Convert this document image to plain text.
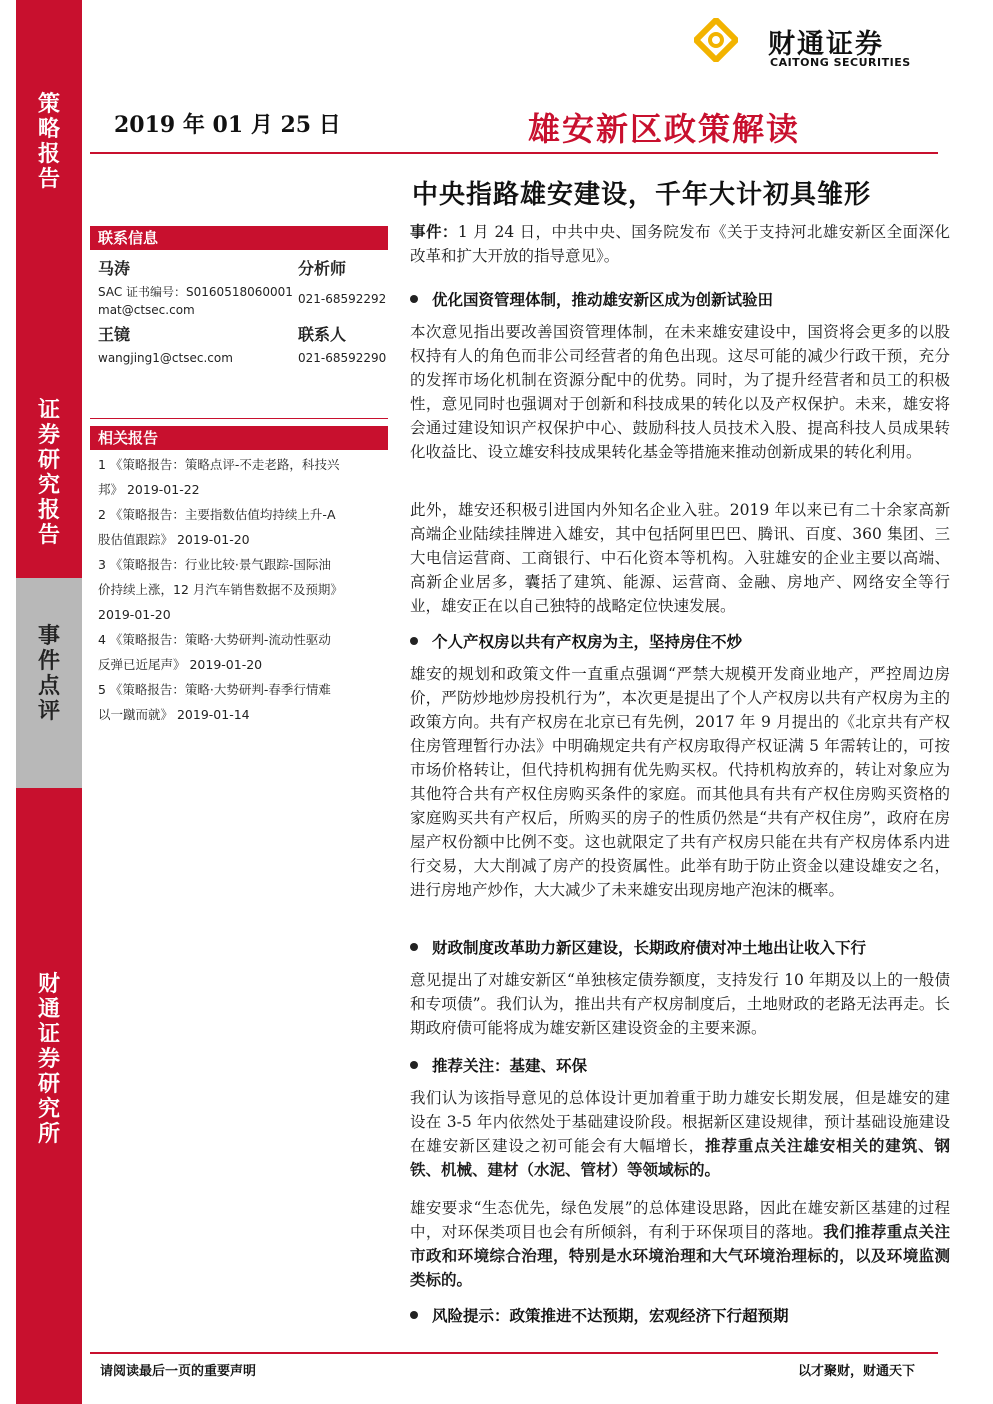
策略报告
证券研究报告
事件点评
财通证券研究所
财通证券
CAITONG SECURITIES
2019 年 01 月 25 日	雄安新区政策解读
中央指路雄安建设，千年大计初具雏形
联系信息
马涛	分析师
SAC 证书编号：S0160518060001 021-68592292
mat@ctsec.com
王镜	联系人
wangjing1@ctsec.com	021-68592290
相关报告
1 《策略报告：策略点评-不走老路，科技兴
邦》 2019-01-22
2 《策略报告：主要指数估值均持续上升-A
股估值跟踪》 2019-01-20
3 《策略报告：行业比较·景气跟踪-国际油
价持续上涨，12 月汽车销售数据不及预期》
2019-01-20
4 《策略报告：策略·大势研判-流动性驱动
反弹已近尾声》 2019-01-20
5 《策略报告：策略·大势研判-春季行情难
以一蹴而就》 2019-01-14
事件：1 月 24 日，中共中央、国务院发布《关于支持河北雄安新区全面深化改革和扩大开放的指导意见》。
优化国资管理体制，推动雄安新区成为创新试验田
本次意见指出要改善国资管理体制，在未来雄安建设中，国资将会更多的以股权持有人的角色而非公司经营者的角色出现。这尽可能的减少行政干预，充分的发挥市场化机制在资源分配中的优势。同时，为了提升经营者和员工的积极性，意见同时也强调对于创新和科技成果的转化以及产权保护。未来，雄安将会通过建设知识产权保护中心、鼓励科技人员技术入股、提高科技人员成果转化收益比、设立雄安科技成果转化基金等措施来推动创新成果的转化利用。
此外，雄安还积极引进国内外知名企业入驻。2019 年以来已有二十余家高新高端企业陆续挂牌进入雄安，其中包括阿里巴巴、腾讯、百度、360 集团、三大电信运营商、工商银行、中石化资本等机构。入驻雄安的企业主要以高端、高新企业居多，囊括了建筑、能源、运营商、金融、房地产、网络安全等行业，雄安正在以自己独特的战略定位快速发展。
个人产权房以共有产权房为主，坚持房住不炒
雄安的规划和政策文件一直重点强调“严禁大规模开发商业地产，严控周边房价，严防炒地炒房投机行为”，本次更是提出了个人产权房以共有产权房为主的政策方向。共有产权房在北京已有先例，2017 年 9 月提出的《北京共有产权住房管理暂行办法》中明确规定共有产权房取得产权证满 5 年需转让的，可按市场价格转让，但代持机构拥有优先购买权。代持机构放弃的，转让对象应为其他符合共有产权住房购买条件的家庭。而其他具有共有产权住房购买资格的家庭购买共有产权后，所购买的房子的性质仍然是“共有产权住房”，政府在房屋产权份额中比例不变。这也就限定了共有产权房只能在共有产权房体系内进行交易，大大削减了房产的投资属性。此举有助于防止资金以建设雄安之名，进行房地产炒作，大大减少了未来雄安出现房地产泡沫的概率。
财政制度改革助力新区建设，长期政府债对冲土地出让收入下行
意见提出了对雄安新区“单独核定债券额度，支持发行 10 年期及以上的一般债和专项债”。我们认为，推出共有产权房制度后，土地财政的老路无法再走。长期政府债可能将成为雄安新区建设资金的主要来源。
推荐关注：基建、环保
我们认为该指导意见的总体设计更加着重于助力雄安长期发展，但是雄安的建设在 3-5 年内依然处于基础建设阶段。根据新区建设规律，预计基础设施建设在雄安新区建设之初可能会有大幅增长，推荐重点关注雄安相关的建筑、钢铁、机械、建材（水泥、管材）等领域标的。
雄安要求“生态优先，绿色发展”的总体建设思路，因此在雄安新区基建的过程中，对环保类项目也会有所倾斜，有利于环保项目的落地。我们推荐重点关注市政和环境综合治理，特别是水环境治理和大气环境治理标的，以及环境监测类标的。
风险提示：政策推进不达预期，宏观经济下行超预期
请阅读最后一页的重要声明	以才聚财，财通天下
